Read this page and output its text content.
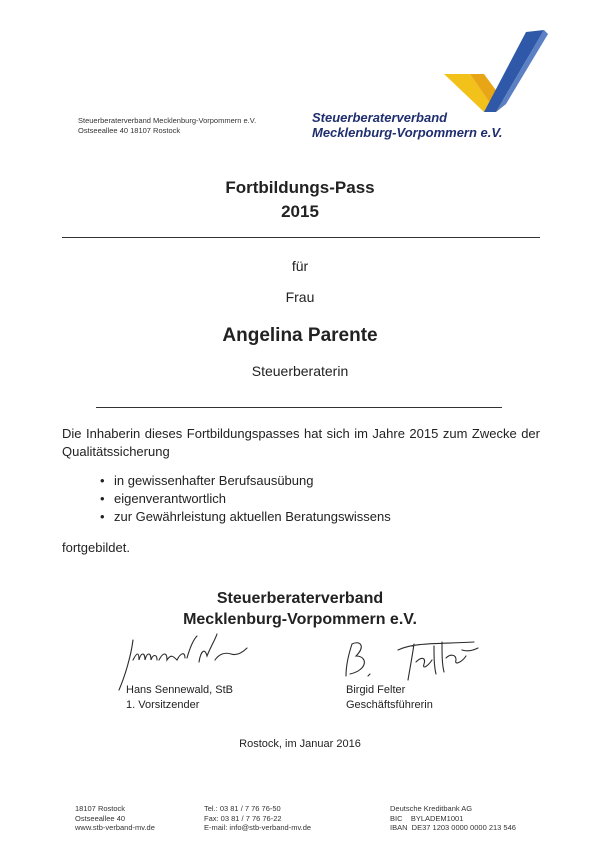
Steuerberaterverband Mecklenburg-Vorpommern e.V.
Ostseeallee 40 18107 Rostock
Steuerberaterverband
Mecklenburg-Vorpommern e.V.
Fortbildungs-Pass
2015
für
Frau
Angelina Parente
Steuerberaterin
Die Inhaberin dieses Fortbildungspasses hat sich im Jahre 2015 zum Zwecke der Qualitätssicherung
• in gewissenhafter Berufsausübung
• eigenverantwortlich
• zur Gewährleistung aktuellen Beratungswissens
fortgebildet.
Steuerberaterverband
Mecklenburg-Vorpommern e.V.
Hans Sennewald, StB
1. Vorsitzender
Birgid Felter
Geschäftsführerin
Rostock, im Januar 2016
18107 Rostock
Ostseeallee 40
www.stb-verband-mv.de
Tel.: 03 81 / 7 76 76-50
Fax: 03 81 / 7 76 76-22
E-mail: info@stb-verband-mv.de
Deutsche Kreditbank AG
BIC    BYLADEM1001
IBAN  DE37 1203 0000 0000 213 546
